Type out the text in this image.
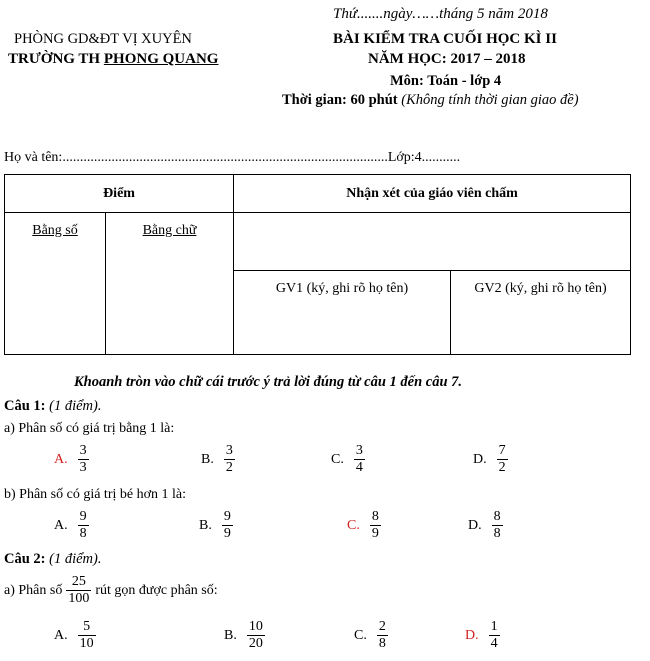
Thứ.......ngày……tháng 5 năm 2018
PHÒNG GD&ĐT VỊ XUYÊN
TRƯỜNG TH PHONG QUANG
BÀI KIỂM TRA CUỐI HỌC KÌ II
NĂM HỌC: 2017 – 2018
Môn: Toán - lớp 4
Thời gian: 60 phút (Không tính thời gian giao đề)
Họ và tên:.............................................................................................Lớp:4...........
Điểm		Nhận xét của giáo viên chấm	

Bằng số	Bằng chữ		

		GV1 (ký, ghi rõ họ tên)	GV2 (ký, ghi rõ họ tên)
Khoanh tròn vào chữ cái trước ý trả lời đúng từ câu 1 đến câu 7.
Câu 1: (1 điểm).
a) Phân số có giá trị bằng 1 là:
A. $\frac{3}{3}$	B. $\frac{3}{2}$	C. $\frac{3}{4}$	D. $\frac{7}{2}$
b) Phân số có giá trị bé hơn 1 là:
A. $\frac{9}{8}$	B. $\frac{9}{9}$	C. $\frac{8}{9}$	D. $\frac{8}{8}$
Câu 2: (1 điểm).
a) Phân số $\frac{25}{100}$ rút gọn được phân số:
A. $\frac{5}{10}$	B. $\frac{10}{20}$	C. $\frac{2}{8}$	D. $\frac{1}{4}$
